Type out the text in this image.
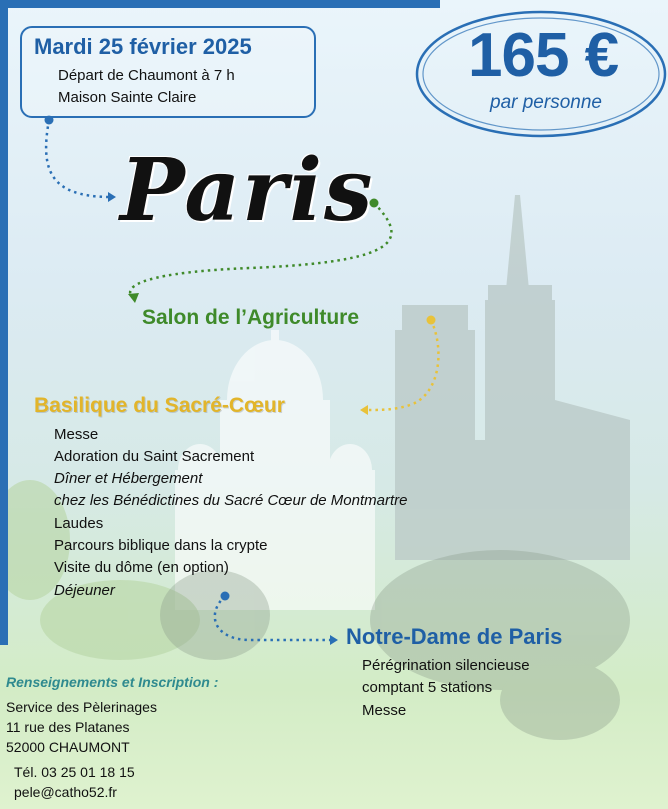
Mardi 25 février 2025
Départ de Chaumont à 7 h
Maison Sainte Claire
165 €
par personne
Paris
Salon de l’Agriculture
Basilique du Sacré-Cœur
Messe
Adoration du Saint Sacrement
Dîner et Hébergement
chez les Bénédictines du Sacré Cœur de Montmartre
Laudes
Parcours biblique dans la crypte
Visite du dôme (en option)
Déjeuner
Notre-Dame de Paris
Pérégrination silencieuse
comptant 5 stations
Messe
Renseignements et Inscription :
Service des Pèlerinages
11 rue des Platanes
52000 CHAUMONT
Tél. 03 25 01 18 15
pele@catho52.fr
